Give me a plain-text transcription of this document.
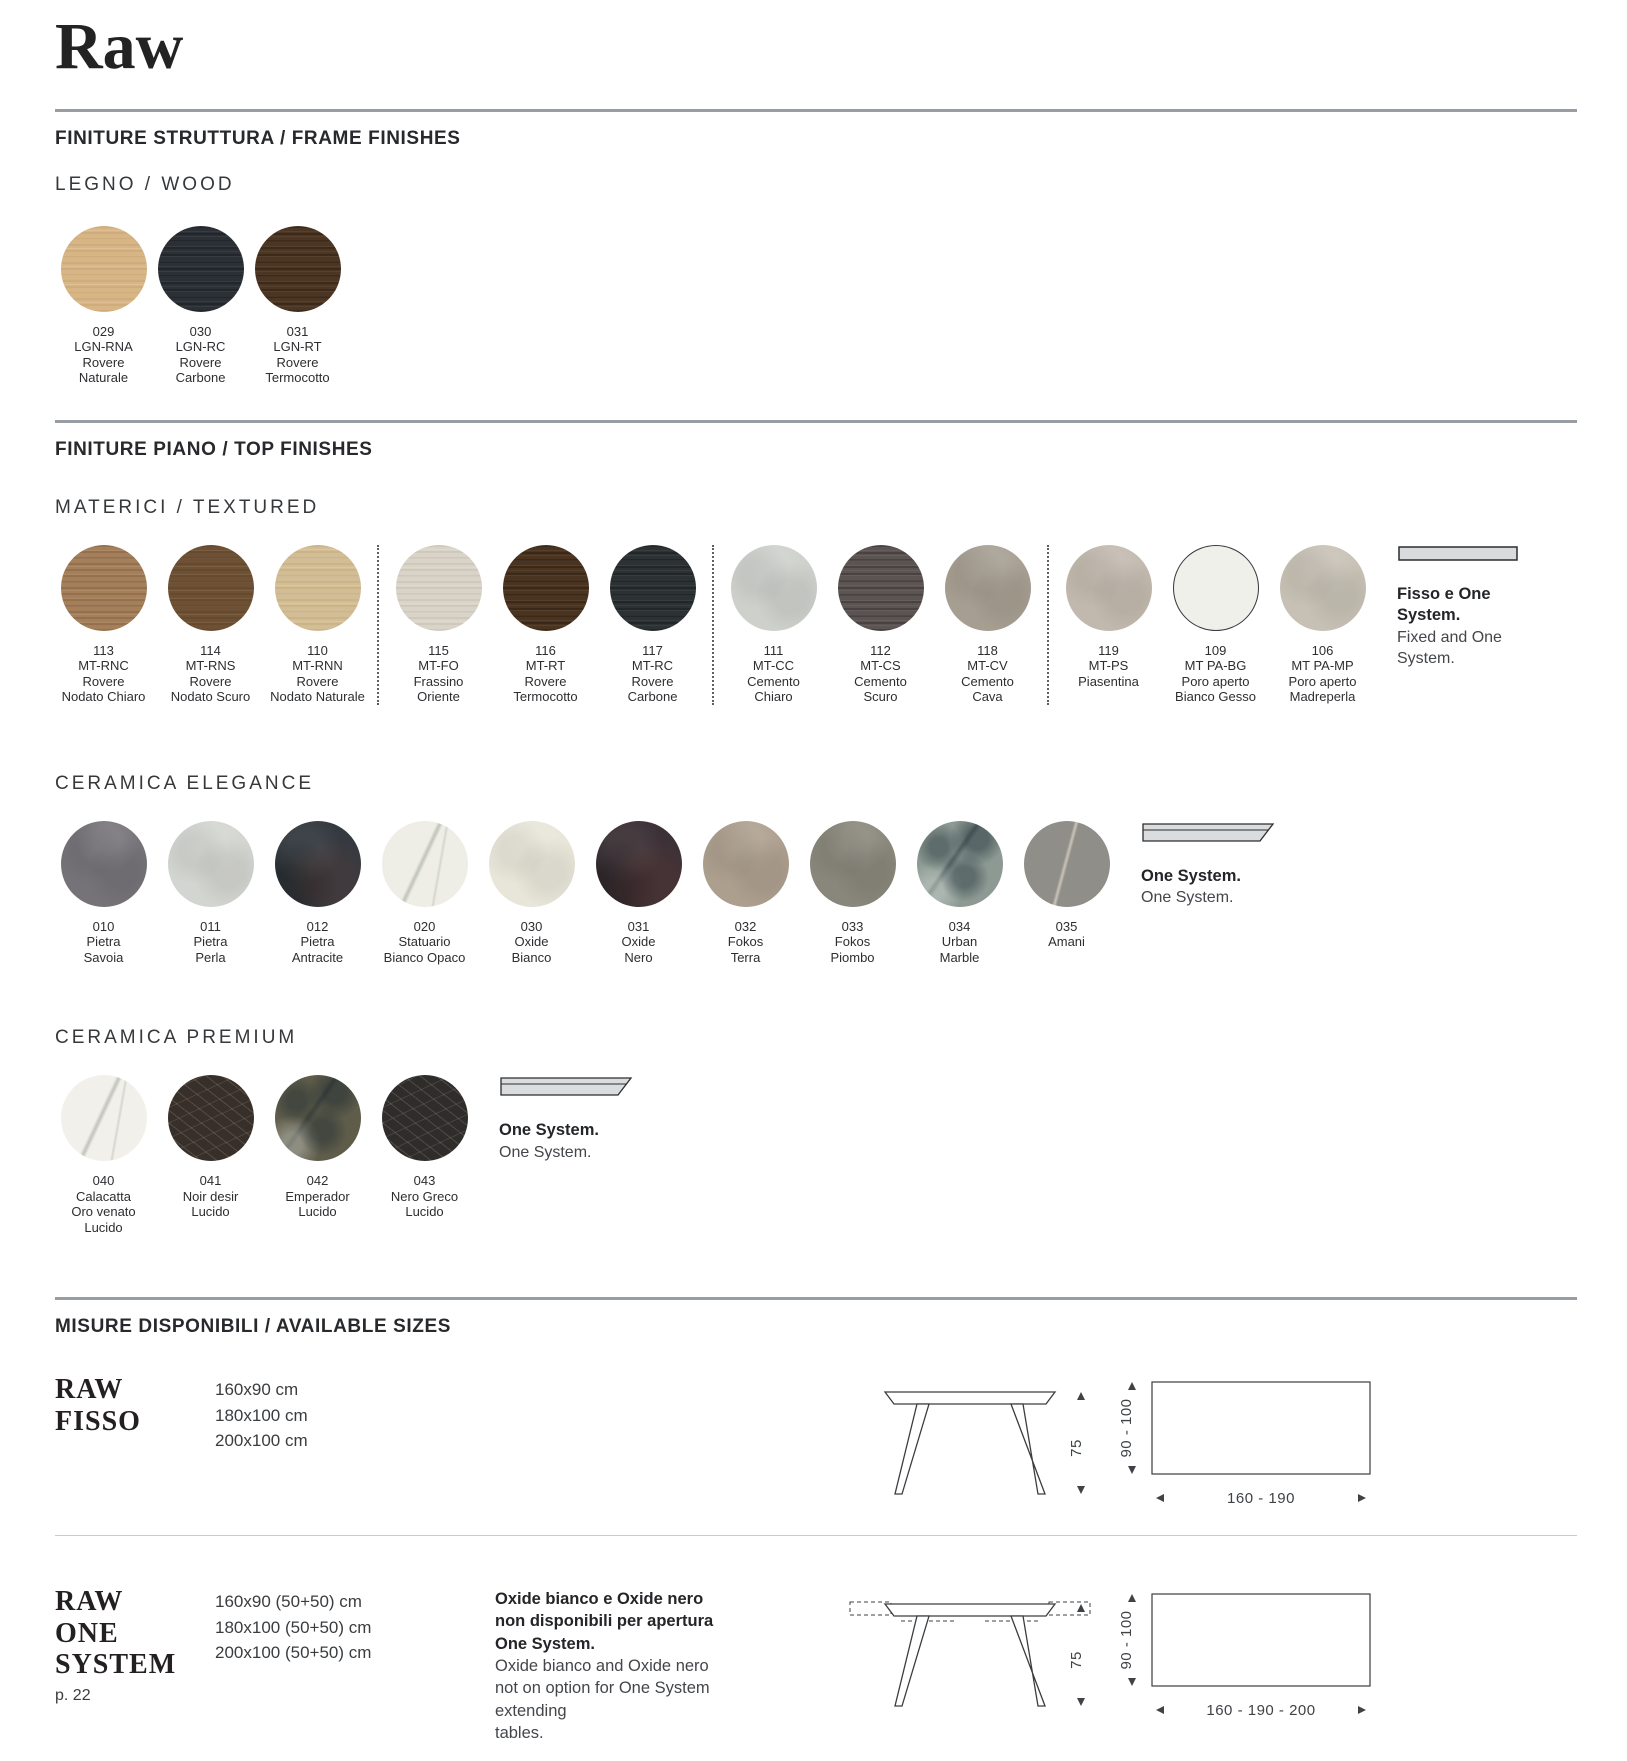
Raw
FINITURE STRUTTURA / FRAME FINISHES
LEGNO / WOOD
029
LGN-RNA
Rovere
Naturale
030
LGN-RC
Rovere
Carbone
031
LGN-RT
Rovere
Termocotto
FINITURE PIANO / TOP FINISHES
MATERICI / TEXTURED
113
MT-RNC
Rovere
Nodato Chiaro
114
MT-RNS
Rovere
Nodato Scuro
110
MT-RNN
Rovere
Nodato Naturale
115
MT-FO
Frassino
Oriente
116
MT-RT
Rovere
Termocotto
117
MT-RC
Rovere
Carbone
111
MT-CC
Cemento
Chiaro
112
MT-CS
Cemento
Scuro
118
MT-CV
Cemento
Cava
119
MT-PS
Piasentina
109
MT PA-BG
Poro aperto
Bianco Gesso
106
MT PA-MP
Poro aperto
Madreperla
Fisso e One
System.
Fixed and One
System.
CERAMICA ELEGANCE
010
Pietra
Savoia
011
Pietra
Perla
012
Pietra
Antracite
020
Statuario
Bianco Opaco
030
Oxide
Bianco
031
Oxide
Nero
032
Fokos
Terra
033
Fokos
Piombo
034
Urban
Marble
035
Amani
One System.
One System.
CERAMICA PREMIUM
040
Calacatta
Oro venato
Lucido
041
Noir desir
Lucido
042
Emperador
Lucido
043
Nero Greco
Lucido
One System.
One System.
MISURE DISPONIBILI / AVAILABLE SIZES
RAW
FISSO
160x90 cm
180x100 cm
200x100 cm	75 90 - 100
160 - 190
RAW
ONE
SYSTEM
p. 22
160x90 (50+50) cm
180x100 (50+50) cm
200x100 (50+50) cm
Oxide bianco e Oxide nero
non disponibili per apertura
One System.
Oxide bianco and Oxide nero
not on option for One System
extending
tables.
75 90 - 100
160 - 190 - 200
